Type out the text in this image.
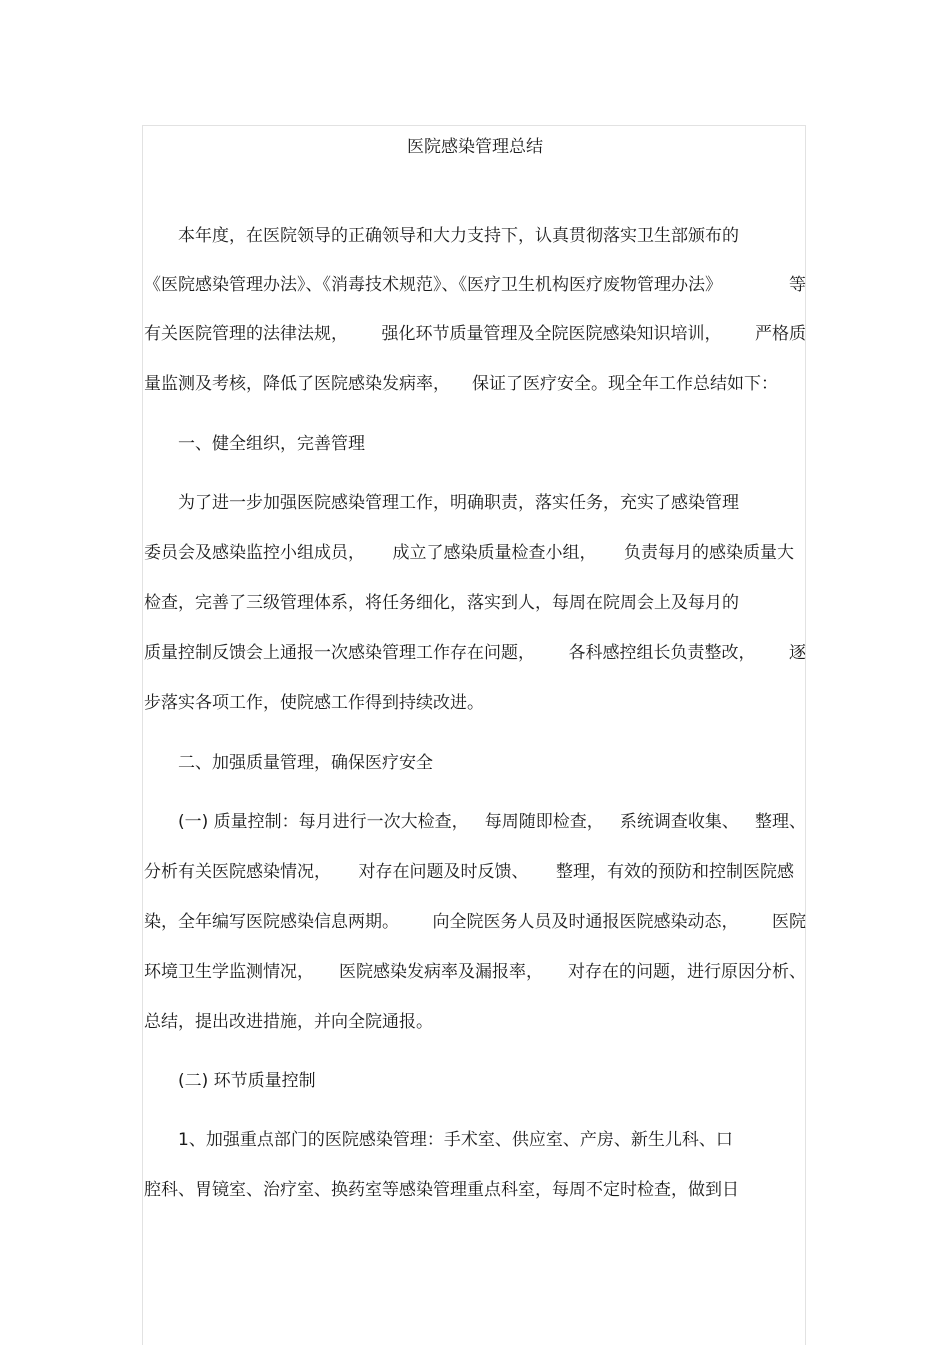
医院感染管理总结
本年度，在医院领导的正确领导和大力支持下，认真贯彻落实卫生部颁布的
《医院感染管理办法》、《消毒技术规范》、《医疗卫生机构医疗废物管理办法》	等
有关医院管理的法律法规， 强化环节质量管理及全院医院感染知识培训， 严格质
量监测及考核，降低了医院感染发病率， 保证了医疗安全。现全年工作总结如下：
一、健全组织，完善管理
为了进一步加强医院感染管理工作，明确职责，落实任务，充实了感染管理
委员会及感染监控小组成员， 成立了感染质量检查小组， 负责每月的感染质量大
检查，完善了三级管理体系，将任务细化，落实到人，每周在院周会上及每月的
质量控制反馈会上通报一次感染管理工作存在问题， 各科感控组长负责整改， 逐
步落实各项工作，使院感工作得到持续改进。
二、加强质量管理，确保医疗安全
(一) 质量控制：每月进行一次大检查， 每周随即检查， 系统调查收集、 整理、
分析有关医院感染情况， 对存在问题及时反馈、 整理，有效的预防和控制医院感
染，全年编写医院感染信息两期。 向全院医务人员及时通报医院感染动态， 医院
环境卫生学监测情况， 医院感染发病率及漏报率， 对存在的问题，进行原因分析、
总结，提出改进措施，并向全院通报。
(二) 环节质量控制
1、加强重点部门的医院感染管理：手术室、供应室、产房、新生儿科、口
腔科、胃镜室、治疗室、换药室等感染管理重点科室，每周不定时检查，做到日
